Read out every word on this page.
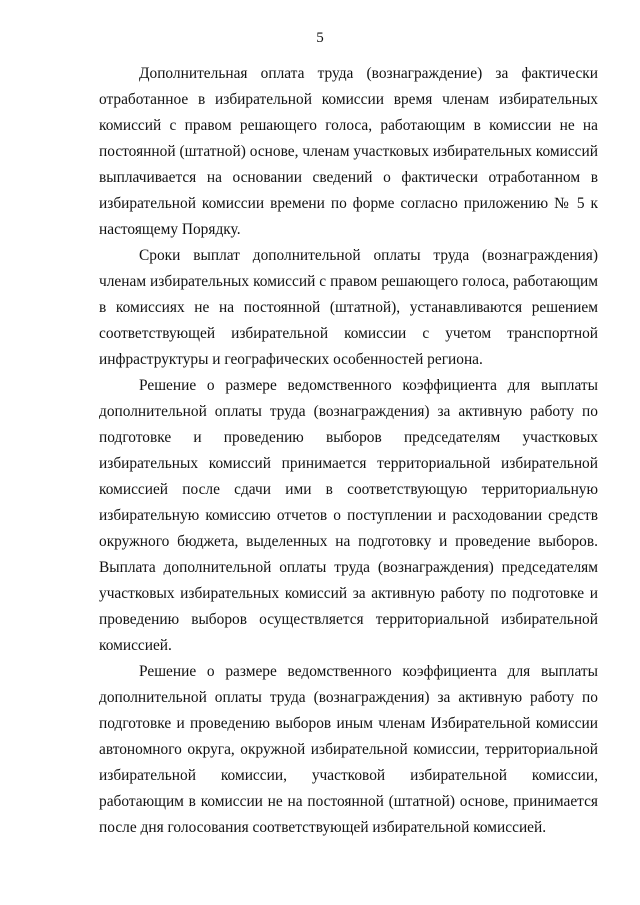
5

Дополнительная оплата труда (вознаграждение) за фактически отработанное в избирательной комиссии время членам избирательных комиссий с правом решающего голоса, работающим в комиссии не на постоянной (штатной) основе, членам участковых избирательных комиссий выплачивается на основании сведений о фактически отработанном в избирательной комиссии времени по форме согласно приложению № 5 к настоящему Порядку.

Сроки выплат дополнительной оплаты труда (вознаграждения) членам избирательных комиссий с правом решающего голоса, работающим в комиссиях не на постоянной (штатной), устанавливаются решением соответствующей избирательной комиссии с учетом транспортной инфраструктуры и географических особенностей региона.

Решение о размере ведомственного коэффициента для выплаты дополнительной оплаты труда (вознаграждения) за активную работу по подготовке и проведению выборов председателям участковых избирательных комиссий принимается территориальной избирательной комиссией после сдачи ими в соответствующую территориальную избирательную комиссию отчетов о поступлении и расходовании средств окружного бюджета, выделенных на подготовку и проведение выборов. Выплата дополнительной оплаты труда (вознаграждения) председателям участковых избирательных комиссий за активную работу по подготовке и проведению выборов осуществляется территориальной избирательной комиссией.

Решение о размере ведомственного коэффициента для выплаты дополнительной оплаты труда (вознаграждения) за активную работу по подготовке и проведению выборов иным членам Избирательной комиссии автономного округа, окружной избирательной комиссии, территориальной избирательной комиссии, участковой избирательной комиссии, работающим в комиссии не на постоянной (штатной) основе, принимается после дня голосования соответствующей избирательной комиссией.
